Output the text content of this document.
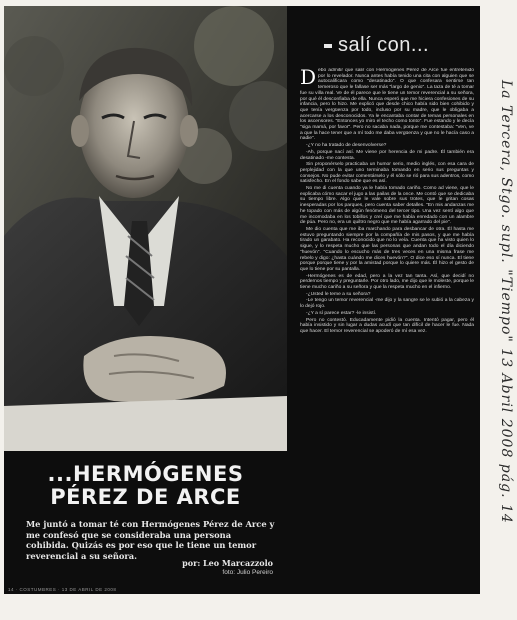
...HERMÓGENES
PÉREZ DE ARCE

Me juntó a tomar té con Hermógenes Pérez de Arce y me confesó que se consideraba una persona cohibida. Quizás es por eso que le tiene un temor reverencial a su señora.

por: Leo Marcazzolo
foto: Julio Pereiro
14 · COSTUMBRES · 13 DE ABRIL DE 2008
salí con...

Debo admitir que salir con Hermógenes Pérez de Arce fue entretenido por lo revelador. Nunca antes había tenido una cita con alguien que se autocalificara como "desatinado". O que confesara sentirse tan temeroso que le fallase ser más "largo de genio". La taza de té a tomar fue su villa real. Ve de él parece que le tiene un temor reverencial a su señora, por qué él desconfiaba de ella. Nunca esperó que me hiciera confesiones de su infancia, pero lo hizo. Me explicó que desde chico había sido bien cohibido y que tenía vergüenza por todo, incluso por su madre, que le obligaba a acercarse a los desconocidos. Ya le encantaba contar de temas personales en los ascensores. "Entonces yo miro el techo como tonto". Fue estando y le decía "siga mamá, por favor". Pero no sacaba nada, porque me contestaba: "Ven, ve a que la hace tener que a mí todo me daba vergüenza y que no le hacía caso a nadie".

-¿Y no ha tratado de desenvolverse?

-Ah, porque nací así. Me viene por herencia de mi padre. Él también era desatinado -me contesta.

Sin proponérselo practicaba un humor serio, medio inglés, con esa cara de perplejidad con la que uno terminaba tomando en serio sus preguntas y consejos. No pude evitar comentárselo y él sólo se rió para sus adentros, como satisfecho. En el fondo sabe que es así.

No me di cuenta cuando ya le había tomado cariño. Como ad viene, que le explicaba cómo sacar el jugo a las pailas de la once. Me contó que se dedicaba su tiempo libre. Algo que le vale sobre sus trotes, que le gritan cosas inesperadas por los parques, pero cuenta saber detalles. "En mis andanzas me he topado con más de algún fenómeno del tercer tipo. Una vez sentí algo que me incomodaba en los tobillos y creí que me había enredado con un alambre de púa. Pero no, era un quiltro negro que me había agarrado del pie".

Me dio cuenta que me iba marchando para desbancar de otra. Él hasta me estuvo preguntando siempre por la compañía de mis pasos, y que me había tirado un garabato. Ha reconocido que no lo veía. Cuenta que ha visto quien lo sigue, y lo respeta mucho que las personas que andan todo el día diciendo "huevón". "Cuando lo escucho más de tres veces en una misma frase me rebelo y digo: ¿hasta cuándo me dices huevón?". O dice eso sí nunca. El tiene porque porque tiene y por la amistad porque lo quiere más. Él hizo el gesto de que lo tiene por su pantalla.

-Hermógenes es de edad, pero a la vez tan tanta. Así, que decidí no perdernos tiempo y preguntarle. Por otro lado, me dijo que le moleste, porque le tiene mucho cariño a su señora y que la respeta mucho en el infierno.

-¿Usted le teme a su señora?

-Le tengo un temor reverencial -me dijo y la sangre se le subió a la cabeza y lo dejó rojo.

-¿Y a sí parece estar? -le insistí.

Pero no contestó. Educadamente pidió la cuenta. Intentó pagar, pero él había insistido y sin lugar a dudas acudí que tan difícil de hacer le fue. Nada que hacer. El temor reverencial se apoderó de mí esa vez.	La Tercera, Stgo. supl. "Tiempo" 13 Abril 2008 pág. 14
